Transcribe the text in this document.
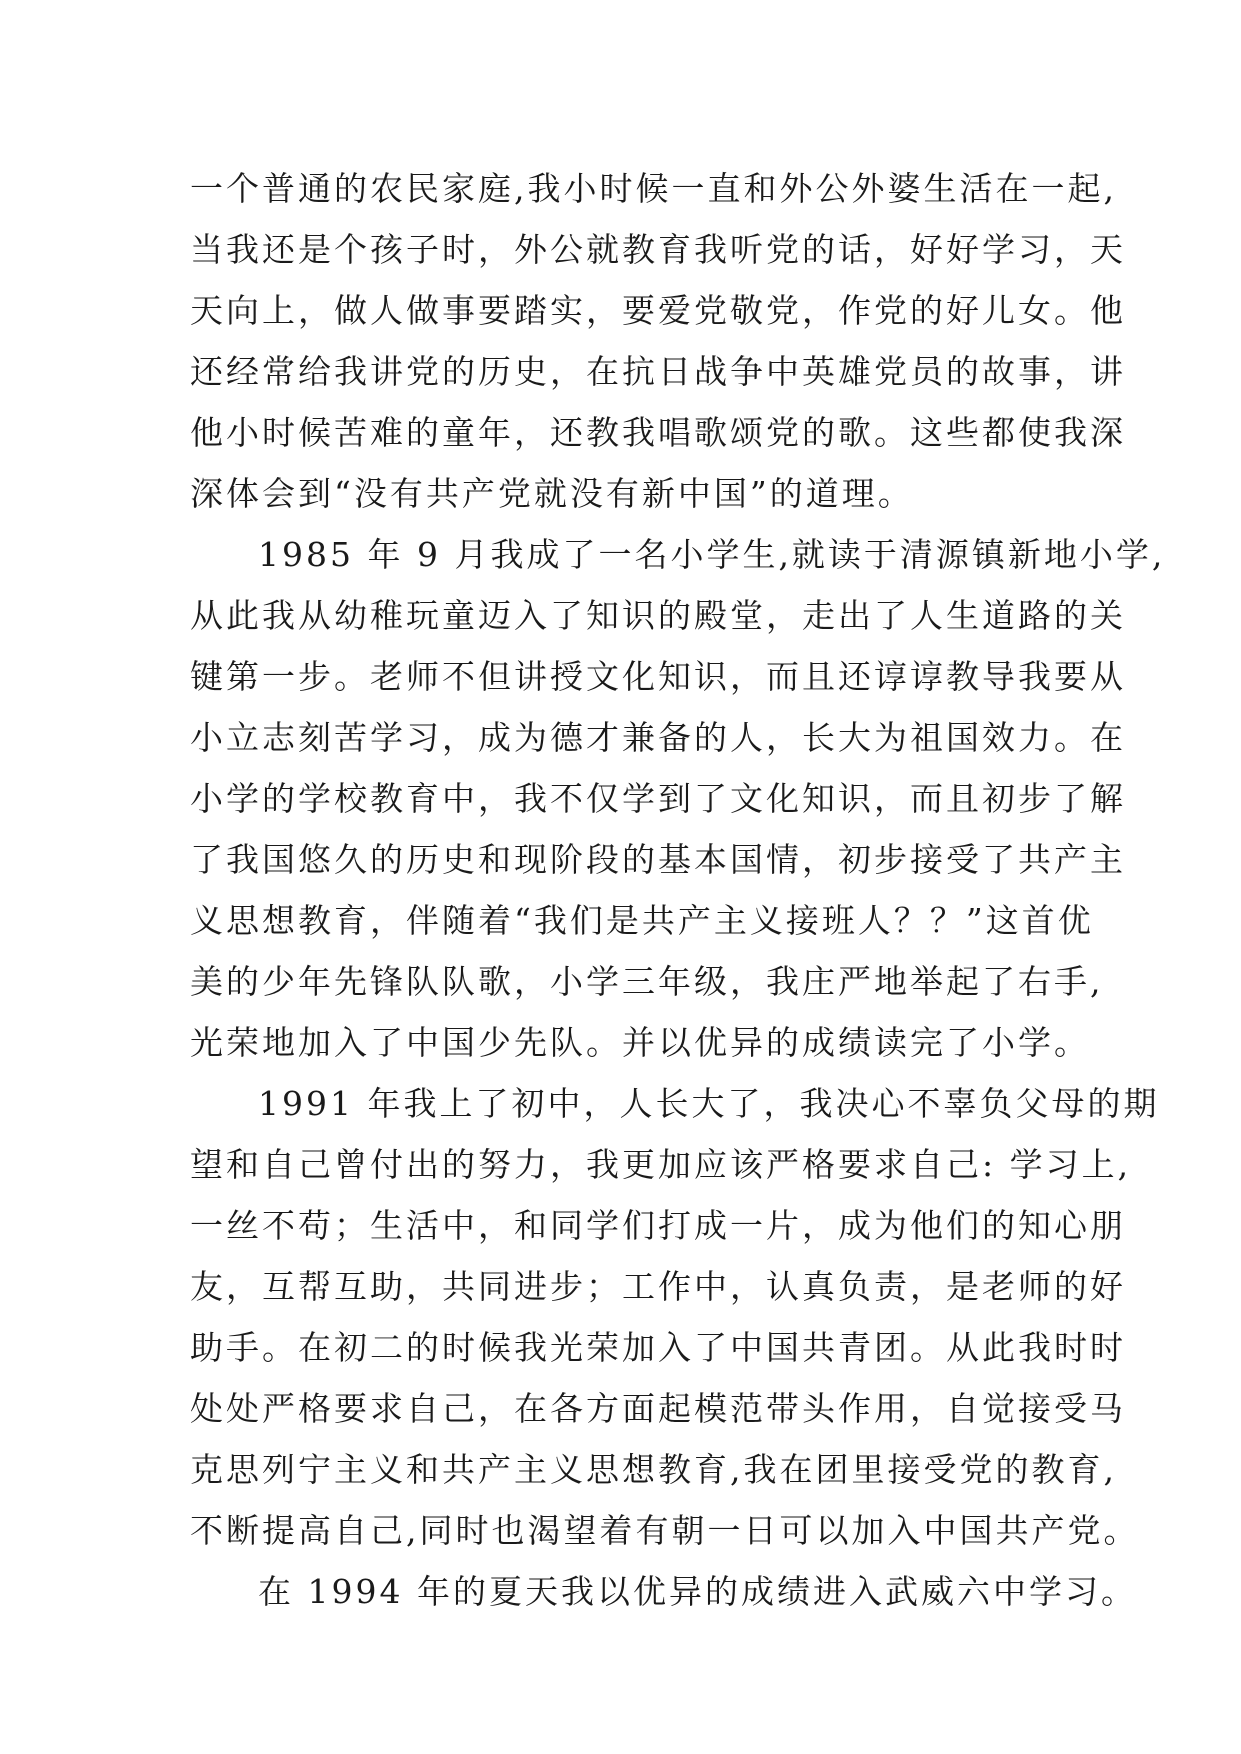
一个普通的农民家庭,我小时候一直和外公外婆生活在一起,
当我还是个孩子时，外公就教育我听党的话，好好学习，天
天向上，做人做事要踏实，要爱党敬党，作党的好儿女。他
还经常给我讲党的历史，在抗日战争中英雄党员的故事，讲
他小时候苦难的童年，还教我唱歌颂党的歌。这些都使我深
深体会到“没有共产党就没有新中国”的道理。
1985 年 9 月我成了一名小学生,就读于清源镇新地小学,
从此我从幼稚玩童迈入了知识的殿堂，走出了人生道路的关
键第一步。老师不但讲授文化知识，而且还谆谆教导我要从
小立志刻苦学习，成为德才兼备的人，长大为祖国效力。在
小学的学校教育中，我不仅学到了文化知识，而且初步了解
了我国悠久的历史和现阶段的基本国情，初步接受了共产主
义思想教育，伴随着“我们是共产主义接班人？？”这首优
美的少年先锋队队歌，小学三年级，我庄严地举起了右手,
光荣地加入了中国少先队。并以优异的成绩读完了小学。
1991 年我上了初中，人长大了，我决心不辜负父母的期
望和自己曾付出的努力，我更加应该严格要求自己: 学习上,
一丝不苟；生活中，和同学们打成一片，成为他们的知心朋
友，互帮互助，共同进步；工作中，认真负责，是老师的好
助手。在初二的时候我光荣加入了中国共青团。从此我时时
处处严格要求自己，在各方面起模范带头作用，自觉接受马
克思列宁主义和共产主义思想教育,我在团里接受党的教育,
不断提高自己,同时也渴望着有朝一日可以加入中国共产党。
在 1994 年的夏天我以优异的成绩进入武威六中学习。
